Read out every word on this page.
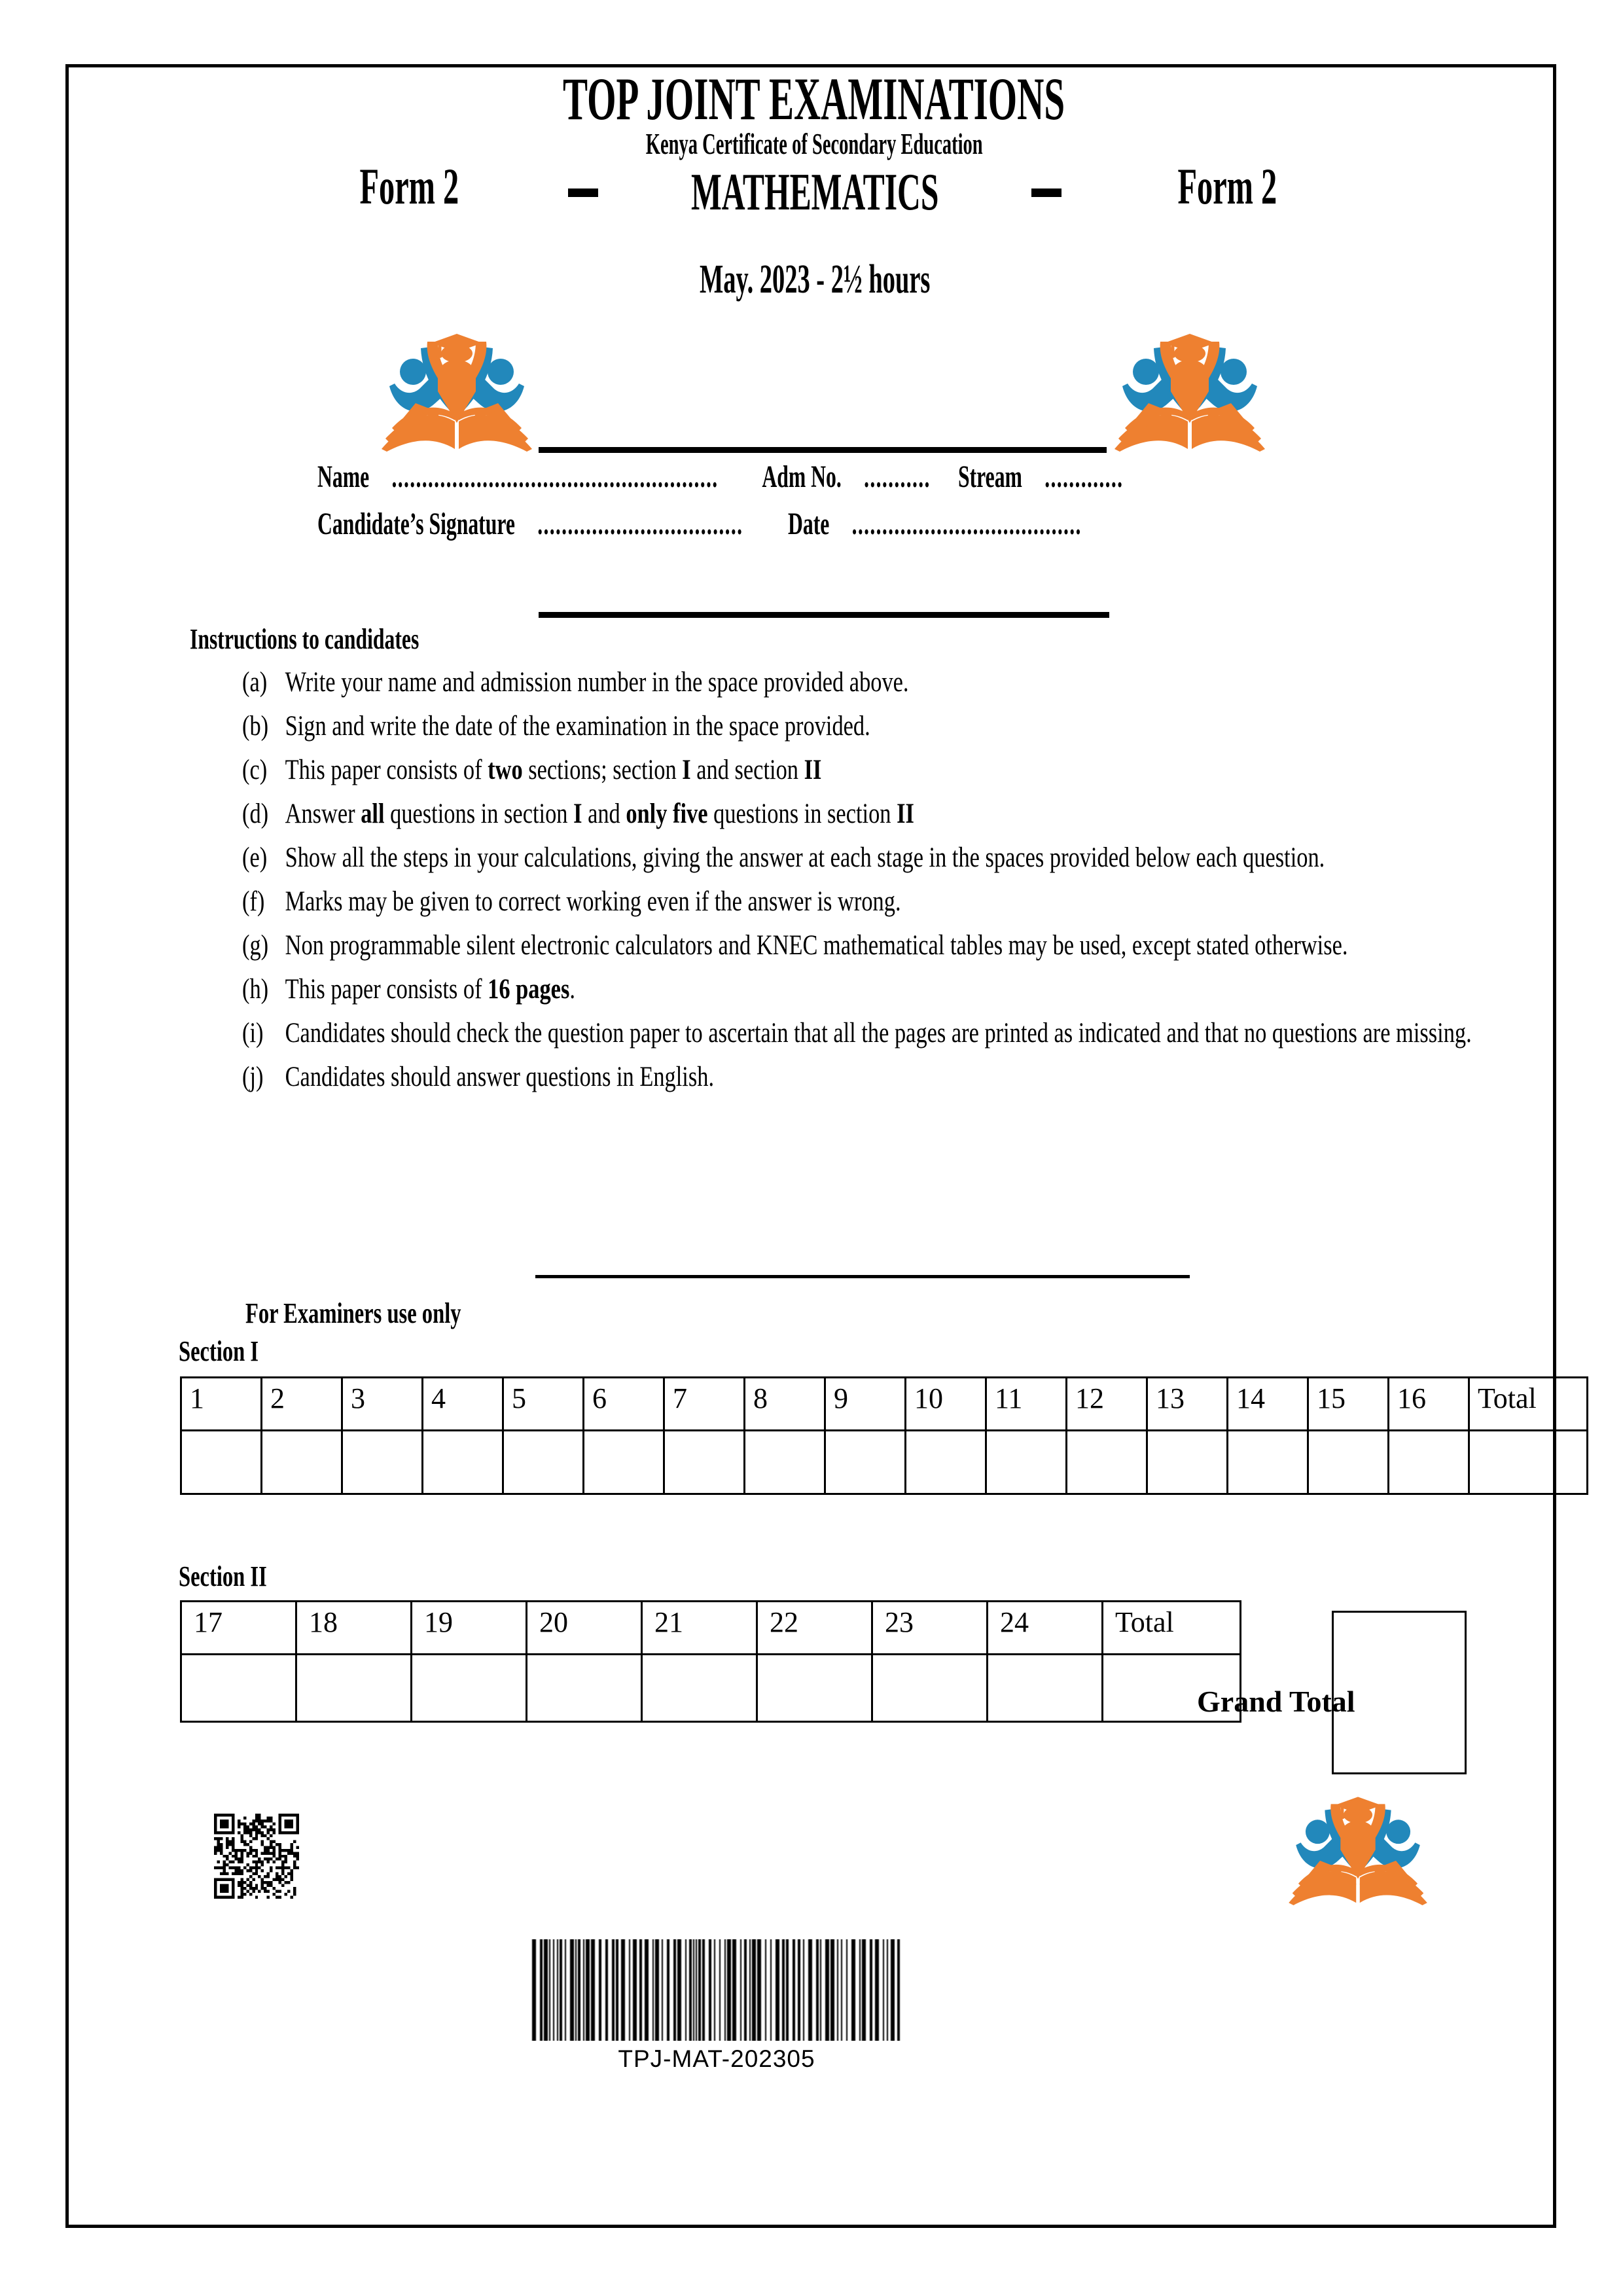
TOP JOINT EXAMINATIONS
Kenya Certificate of Secondary Education
Form 2	Form 2
MATHEMATICS
May. 2023 - 2½ hours
Name ...................................................... Adm No. ........... Stream .............
Candidate’s Signature .................................. Date ......................................
Instructions to candidates
(a) Write your name and admission number in the space provided above.
(b) Sign and write the date of the examination in the space provided.
(c) This paper consists of two sections; section I and section II
(d) Answer all questions in section I and only five questions in section II
(e) Show all the steps in your calculations, giving the answer at each stage in the spaces provided below each question.
(f) Marks may be given to correct working even if the answer is wrong.
(g) Non programmable silent electronic calculators and KNEC mathematical tables may be used, except stated otherwise.
(h) This paper consists of 16 pages.
(i) Candidates should check the question paper to ascertain that all the pages are printed as indicated and that no questions are missing.
(j) Candidates should answer questions in English.
For Examiners use only
Section I
1	2	3	4	5	6	7	8	9	10	11	12	13	14	15	16	Total

Section II
17	18	19	20	21	22	23	24	Total

Grand Total
TPJ-MAT-202305
